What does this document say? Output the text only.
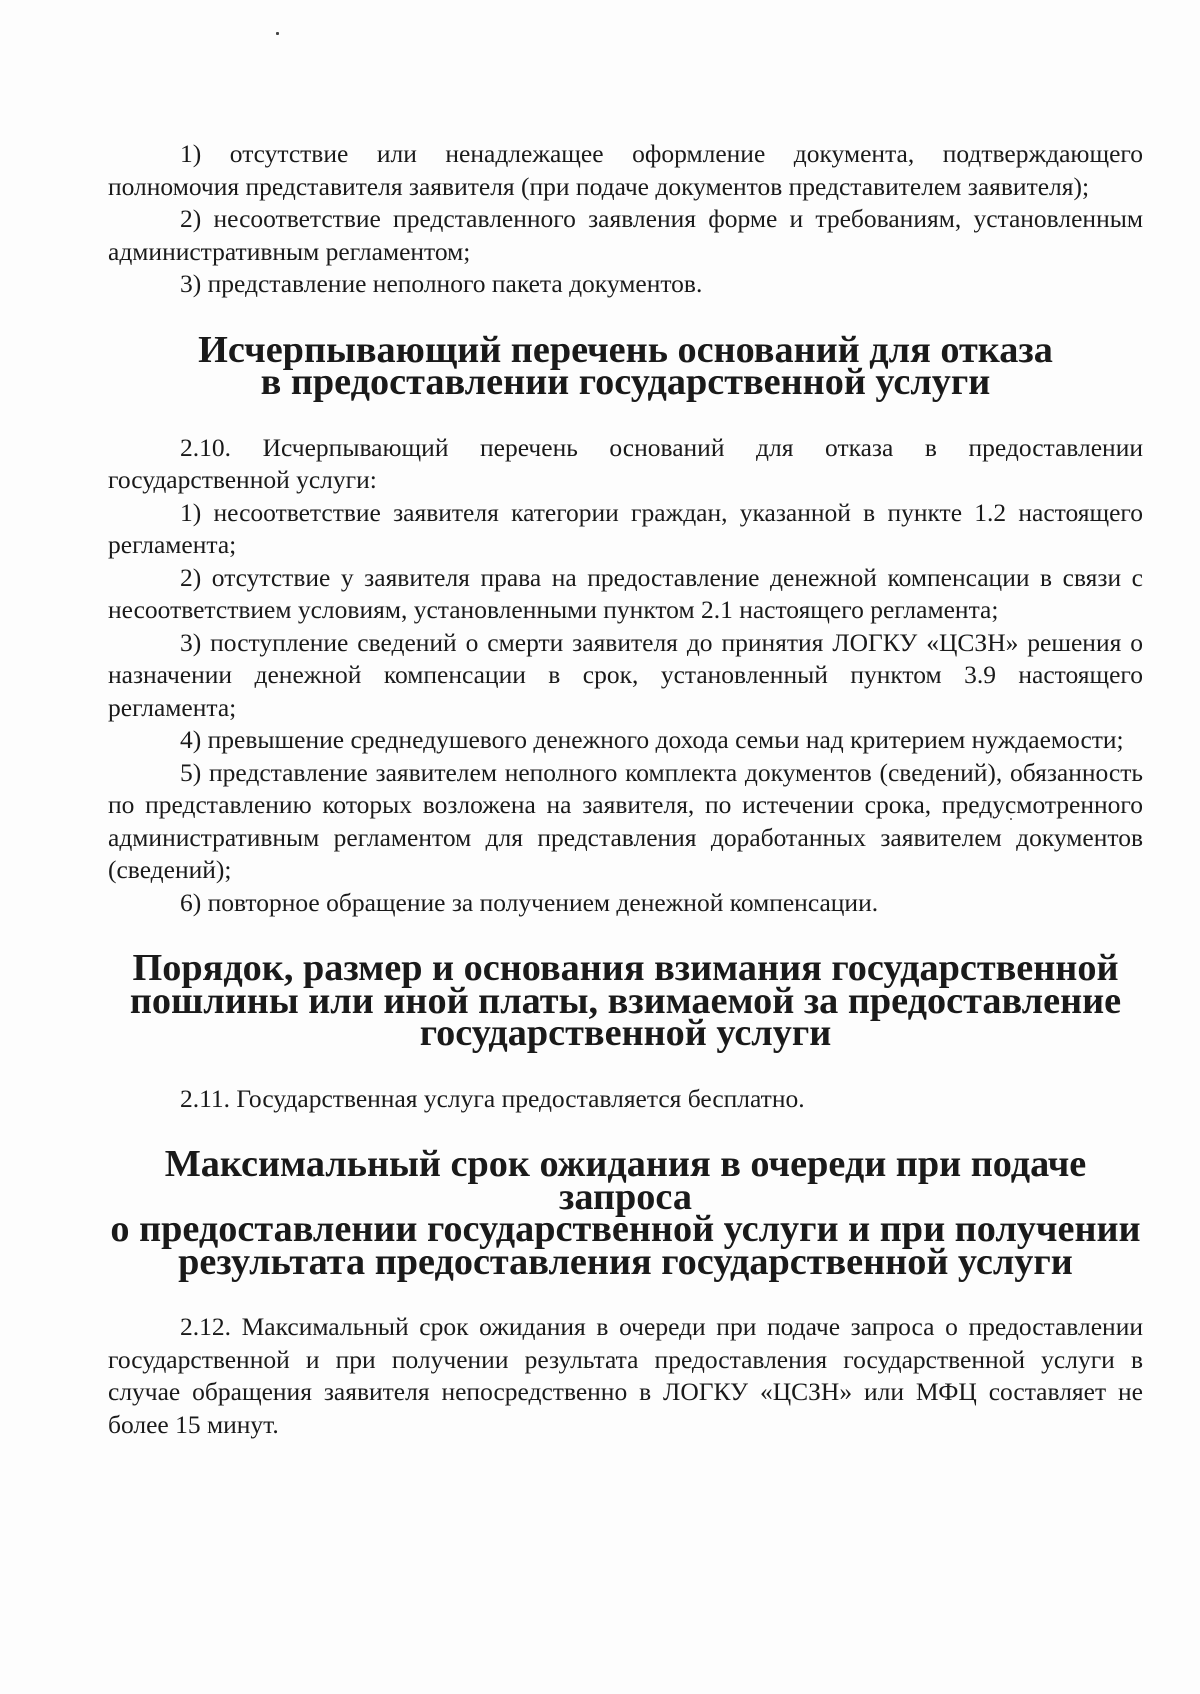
1) отсутствие или ненадлежащее оформление документа, подтверждающего полномочия представителя заявителя (при подаче документов представителем заявителя);

2) несоответствие представленного заявления форме и требованиям, установленным административным регламентом;

3) представление неполного пакета документов.

Исчерпывающий перечень оснований для отказа
в предоставлении государственной услуги

2.10. Исчерпывающий перечень оснований для отказа в предоставлении государственной услуги:

1) несоответствие заявителя категории граждан, указанной в пункте 1.2 настоящего регламента;

2) отсутствие у заявителя права на предоставление денежной компенсации в связи с несоответствием условиям, установленными пунктом 2.1 настоящего регламента;

3) поступление сведений о смерти заявителя до принятия ЛОГКУ «ЦСЗН» решения о назначении денежной компенсации в срок, установленный пунктом 3.9 настоящего регламента;

4) превышение среднедушевого денежного дохода семьи над критерием нуждаемости;

5) представление заявителем неполного комплекта документов (сведений), обязанность по представлению которых возложена на заявителя, по истечении срока, предусмотренного административным регламентом для представления доработанных заявителем документов (сведений);

6) повторное обращение за получением денежной компенсации.

Порядок, размер и основания взимания государственной
пошлины или иной платы, взимаемой за предоставление
государственной услуги

2.11. Государственная услуга предоставляется бесплатно.

Максимальный срок ожидания в очереди при подаче запроса
о предоставлении государственной услуги и при получении
результата предоставления государственной услуги

2.12. Максимальный срок ожидания в очереди при подаче запроса о предоставлении государственной и при получении результата предоставления государственной услуги в случае обращения заявителя непосредственно в ЛОГКУ «ЦСЗН» или МФЦ составляет не более 15 минут.
